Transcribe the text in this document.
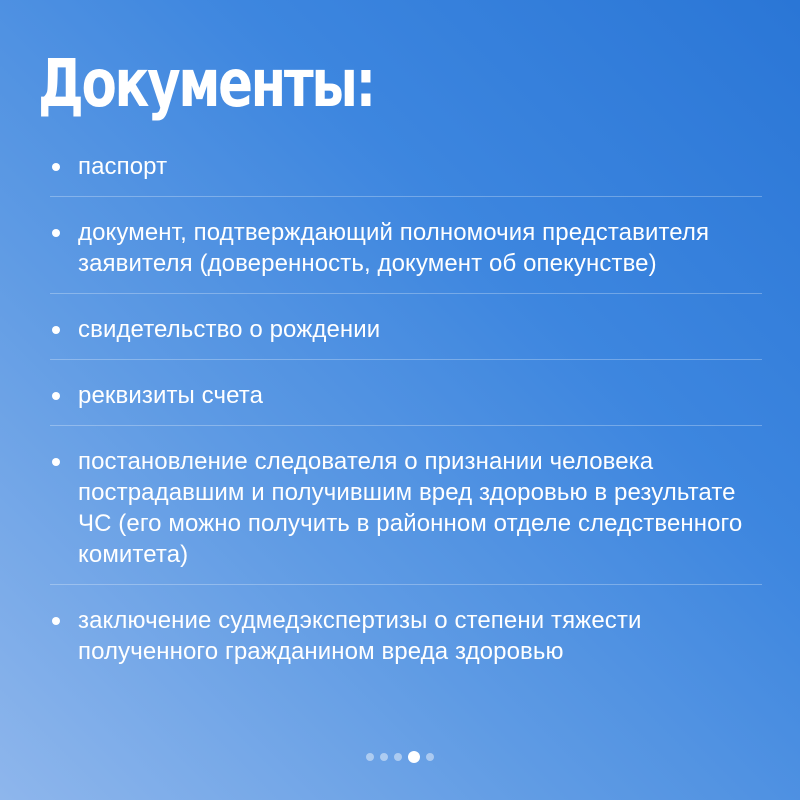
Документы:
паспорт
документ, подтверждающий полномочия представителя заявителя (доверенность, документ об опекунстве)
свидетельство о рождении
реквизиты счета
постановление следователя о признании человека пострадавшим и получившим вред здоровью в результате ЧС (его можно получить в районном отделе следственного комитета)
заключение судмедэкспертизы о степени тяжести полученного гражданином вреда здоровью
